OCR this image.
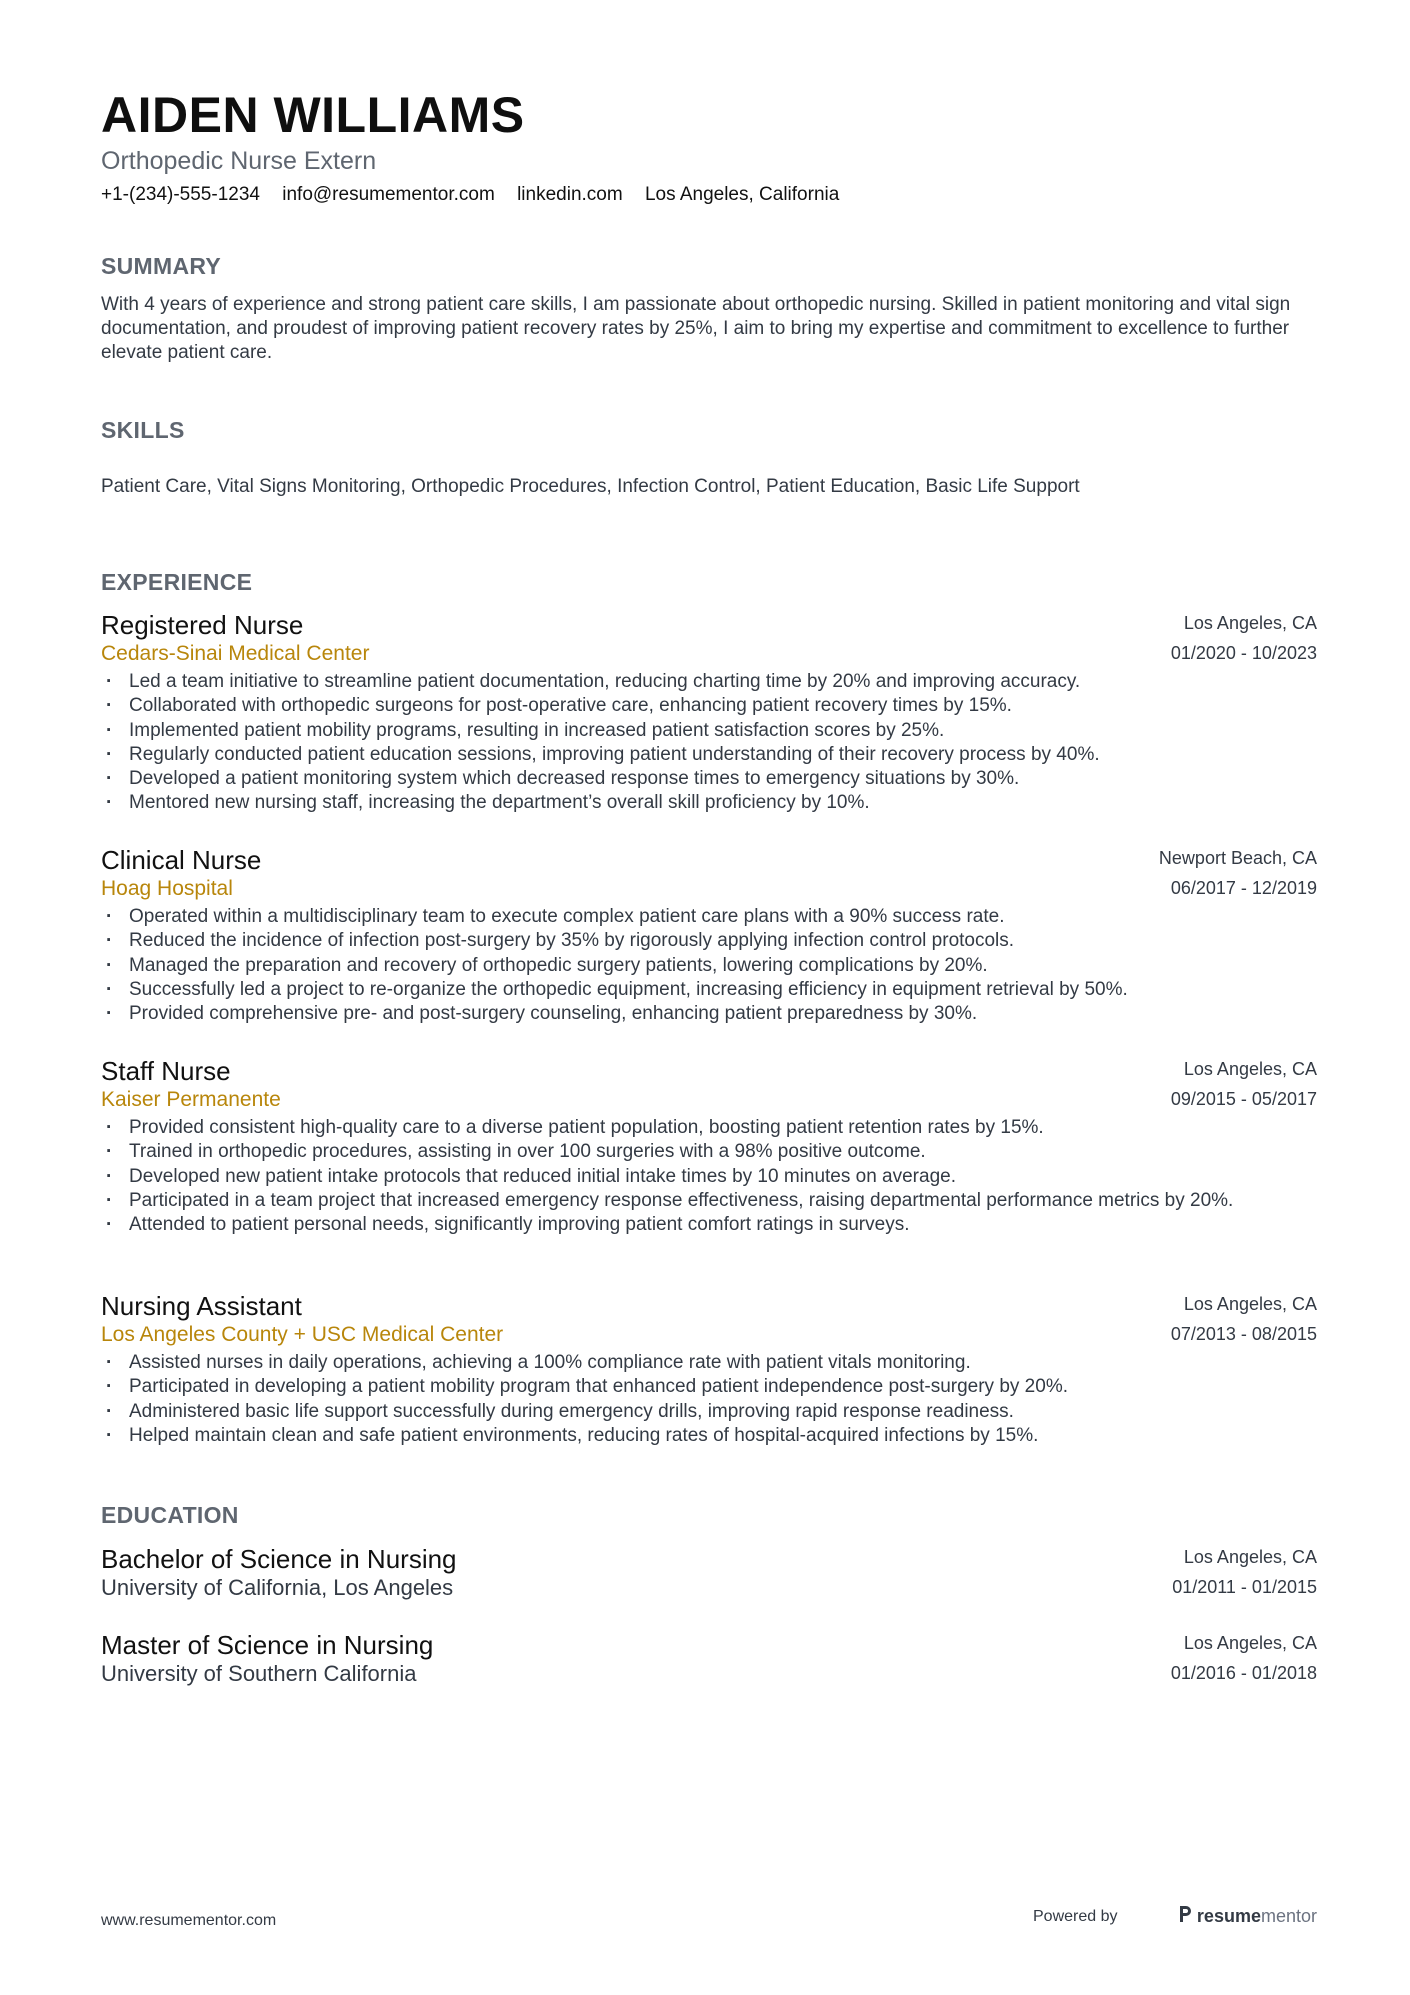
AIDEN WILLIAMS
Orthopedic Nurse Extern
+1-(234)-555-1234 info@resumementor.com linkedin.com Los Angeles, California
SUMMARY
With 4 years of experience and strong patient care skills, I am passionate about orthopedic nursing. Skilled in patient monitoring and vital sign documentation, and proudest of improving patient recovery rates by 25%, I aim to bring my expertise and commitment to excellence to further elevate patient care.
SKILLS
Patient Care, Vital Signs Monitoring, Orthopedic Procedures, Infection Control, Patient Education, Basic Life Support
EXPERIENCE
Registered Nurse
Cedars-Sinai Medical Center
Los Angeles, CA
01/2020 - 10/2023
· Led a team initiative to streamline patient documentation, reducing charting time by 20% and improving accuracy.
· Collaborated with orthopedic surgeons for post-operative care, enhancing patient recovery times by 15%.
· Implemented patient mobility programs, resulting in increased patient satisfaction scores by 25%.
· Regularly conducted patient education sessions, improving patient understanding of their recovery process by 40%.
· Developed a patient monitoring system which decreased response times to emergency situations by 30%.
· Mentored new nursing staff, increasing the department’s overall skill proficiency by 10%.
Clinical Nurse
Hoag Hospital
Newport Beach, CA
06/2017 - 12/2019
· Operated within a multidisciplinary team to execute complex patient care plans with a 90% success rate.
· Reduced the incidence of infection post-surgery by 35% by rigorously applying infection control protocols.
· Managed the preparation and recovery of orthopedic surgery patients, lowering complications by 20%.
· Successfully led a project to re-organize the orthopedic equipment, increasing efficiency in equipment retrieval by 50%.
· Provided comprehensive pre- and post-surgery counseling, enhancing patient preparedness by 30%.
Staff Nurse
Kaiser Permanente
Los Angeles, CA
09/2015 - 05/2017
· Provided consistent high-quality care to a diverse patient population, boosting patient retention rates by 15%.
· Trained in orthopedic procedures, assisting in over 100 surgeries with a 98% positive outcome.
· Developed new patient intake protocols that reduced initial intake times by 10 minutes on average.
· Participated in a team project that increased emergency response effectiveness, raising departmental performance metrics by 20%.
· Attended to patient personal needs, significantly improving patient comfort ratings in surveys.
Nursing Assistant
Los Angeles County + USC Medical Center
Los Angeles, CA
07/2013 - 08/2015
· Assisted nurses in daily operations, achieving a 100% compliance rate with patient vitals monitoring.
· Participated in developing a patient mobility program that enhanced patient independence post-surgery by 20%.
· Administered basic life support successfully during emergency drills, improving rapid response readiness.
· Helped maintain clean and safe patient environments, reducing rates of hospital-acquired infections by 15%.
EDUCATION
Bachelor of Science in Nursing
University of California, Los Angeles
Los Angeles, CA
01/2011 - 01/2015
Master of Science in Nursing
University of Southern California
Los Angeles, CA
01/2016 - 01/2018
www.resumementor.com	Powered by	resume mentor
